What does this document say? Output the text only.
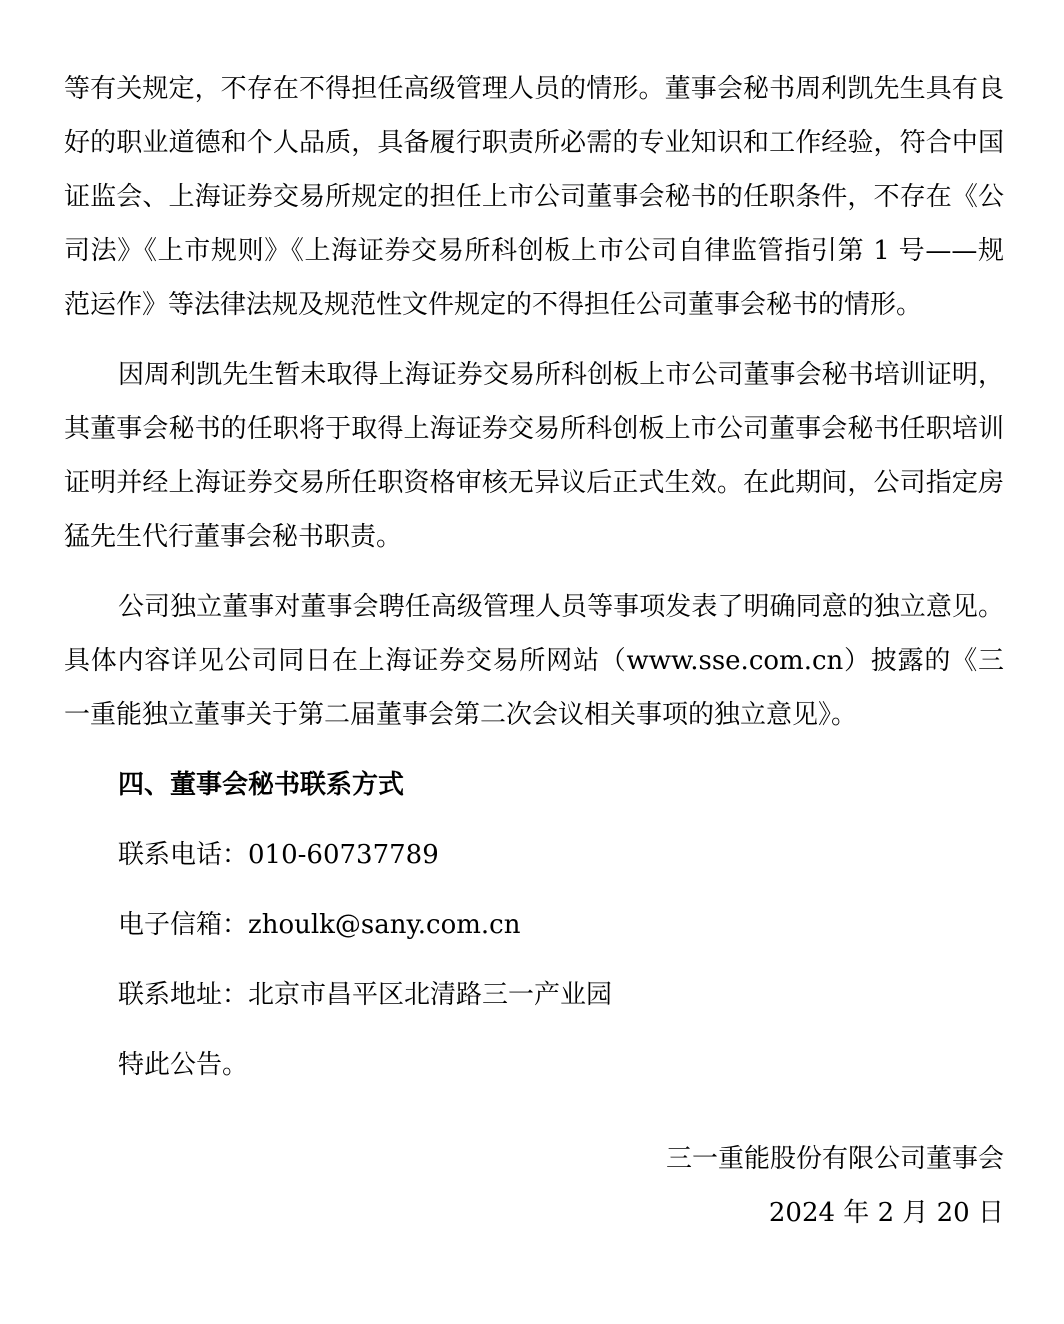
等有关规定，不存在不得担任高级管理人员的情形。董事会秘书周利凯先生具有良好的职业道德和个人品质，具备履行职责所必需的专业知识和工作经验，符合中国证监会、上海证券交易所规定的担任上市公司董事会秘书的任职条件，不存在《公司法》《上市规则》《上海证券交易所科创板上市公司自律监管指引第 1 号——规范运作》等法律法规及规范性文件规定的不得担任公司董事会秘书的情形。

因周利凯先生暂未取得上海证券交易所科创板上市公司董事会秘书培训证明，其董事会秘书的任职将于取得上海证券交易所科创板上市公司董事会秘书任职培训证明并经上海证券交易所任职资格审核无异议后正式生效。在此期间，公司指定房猛先生代行董事会秘书职责。

公司独立董事对董事会聘任高级管理人员等事项发表了明确同意的独立意见。具体内容详见公司同日在上海证券交易所网站（www.sse.com.cn）披露的《三一重能独立董事关于第二届董事会第二次会议相关事项的独立意见》。

四、董事会秘书联系方式

联系电话：010-60737789

电子信箱：zhoulk@sany.com.cn

联系地址：北京市昌平区北清路三一产业园

特此公告。

三一重能股份有限公司董事会

2024 年 2 月 20 日
